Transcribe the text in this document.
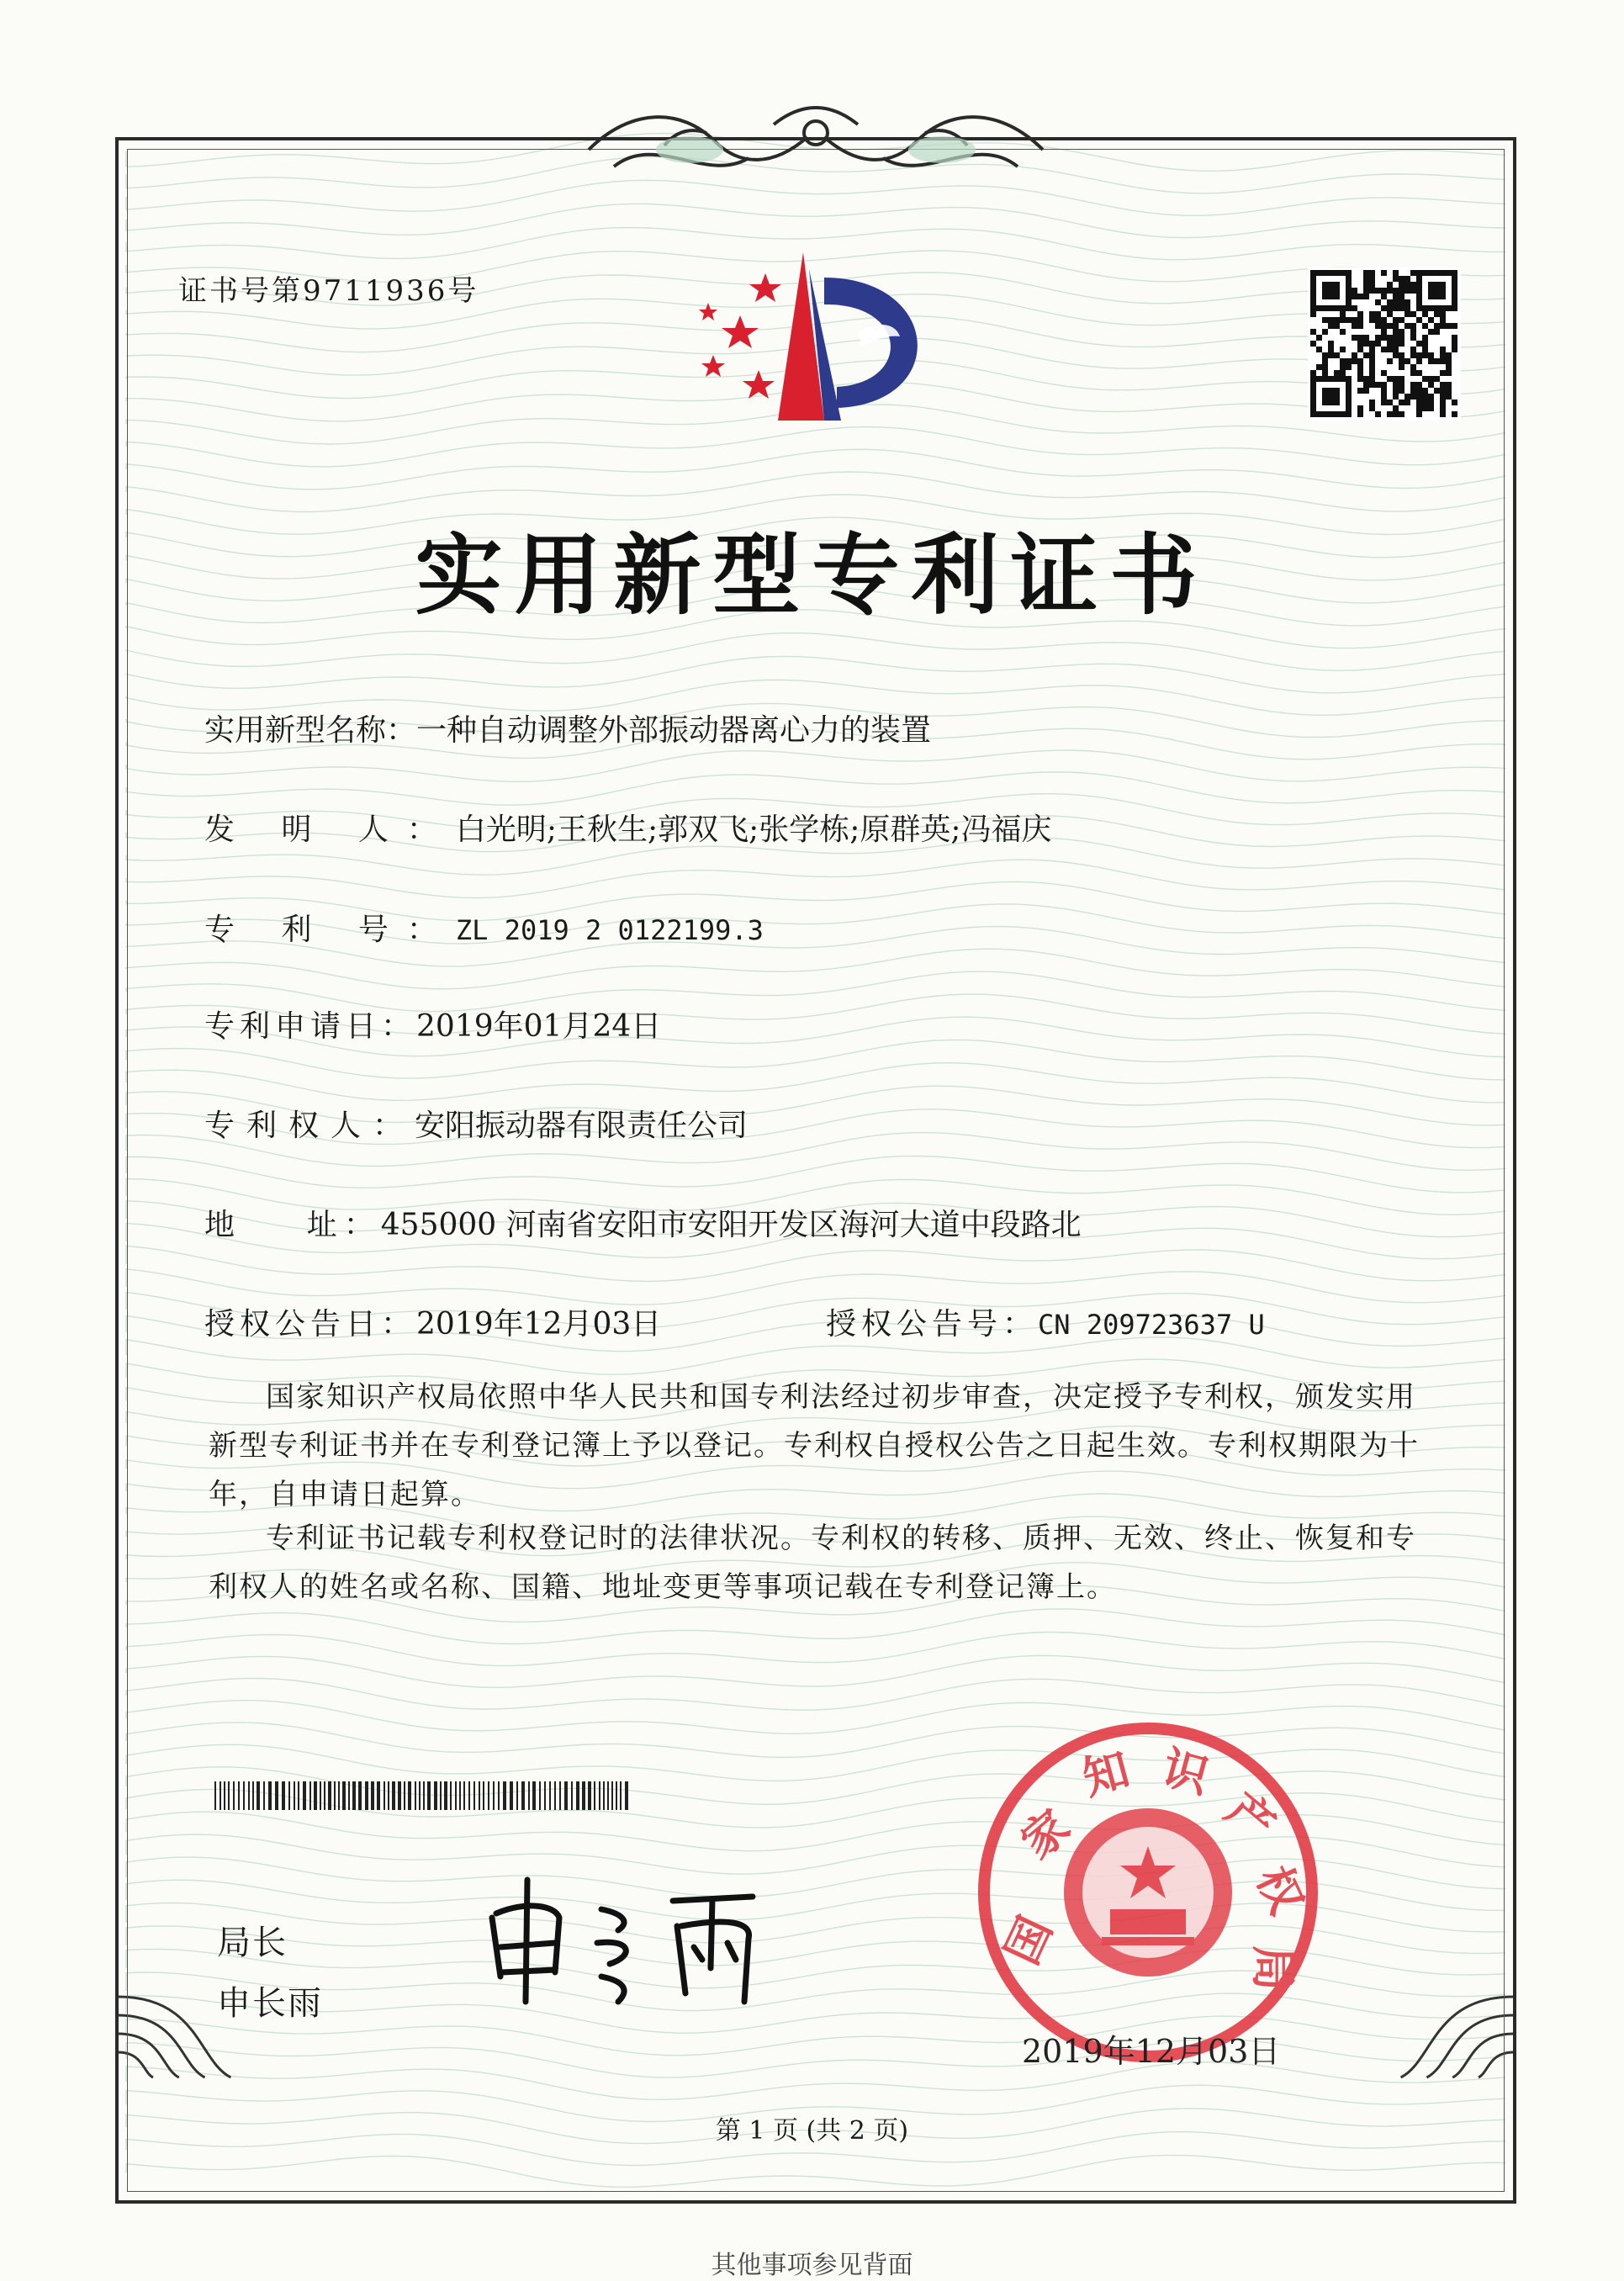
证书号第9711936号
实用新型专利证书
实用新型名称：一种自动调整外部振动器离心力的装置
发 明 人：白光明;王秋生;郭双飞;张学栋;原群英;冯福庆
专 利 号：ZL 2019 2 0122199.3
专利申请日：2019年01月24日
专利权人：安阳振动器有限责任公司
地    址：455000 河南省安阳市安阳开发区海河大道中段路北
授权公告日：2019年12月03日	授权公告号：CN 209723637 U
国家知识产权局依照中华人民共和国专利法经过初步审查，决定授予专利权，颁发实用新型专利证书并在专利登记簿上予以登记。专利权自授权公告之日起生效。专利权期限为十年，自申请日起算。
专利证书记载专利权登记时的法律状况。专利权的转移、质押、无效、终止、恢复和专利权人的姓名或名称、国籍、地址变更等事项记载在专利登记簿上。
局长
申长雨
国
家
知 识
产
权
局
2019年12月03日
第 1 页 (共 2 页)
其他事项参见背面
